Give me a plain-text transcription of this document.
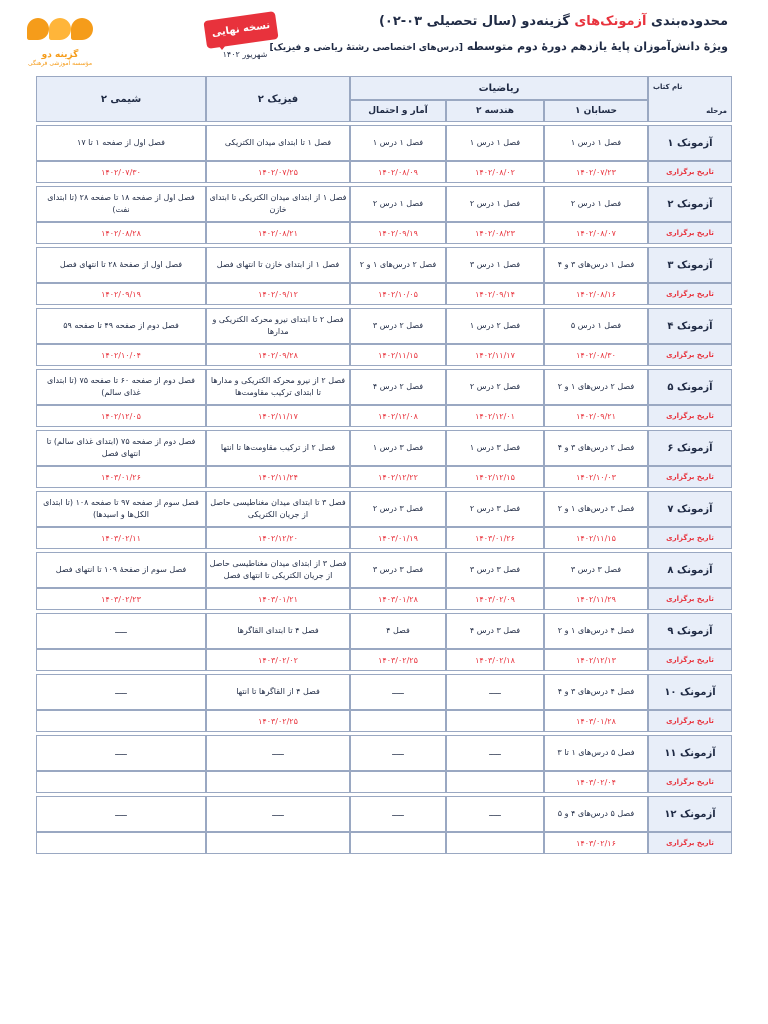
گزینه دو
مؤسسه آموزشی فرهنگی
نسخه نهایی
شهریور ۱۴۰۲
محدوده‌بندی آزمونک‌های گزینه‌دو (سال تحصیلی ۰۳-۰۲)
ویژهٔ دانش‌آموزان پایهٔ یازدهم دورهٔ دوم متوسطه [درس‌های اختصاصی رشتهٔ ریاضی و فیزیک]
نام کتاب
مرحله	ریاضیات			فیزیک ۲	شیمی ۲
	حسابان ۱	هندسه ۲	آمار و احتمال		

آزمونک ۱	فصل ۱ درس ۱	فصل ۱ درس ۱	فصل ۱ درس ۱	فصل ۱ تا ابتدای میدان الکتریکی	فصل اول از صفحه ۱ تا ۱۷
تاریخ برگزاری	۱۴۰۲/۰۷/۲۳	۱۴۰۲/۰۸/۰۲	۱۴۰۲/۰۸/۰۹	۱۴۰۲/۰۷/۲۵	۱۴۰۲/۰۷/۳۰

آزمونک ۲	فصل ۱ درس ۲	فصل ۱ درس ۲	فصل ۱ درس ۲	فصل ۱ از ابتدای میدان الکتریکی تا ابتدای خازن	فصل اول از صفحه ۱۸ تا صفحه ۲۸ (تا ابتدای نفت)
تاریخ برگزاری	۱۴۰۲/۰۸/۰۷	۱۴۰۲/۰۸/۲۳	۱۴۰۲/۰۹/۱۹	۱۴۰۲/۰۸/۲۱	۱۴۰۲/۰۸/۲۸

آزمونک ۳	فصل ۱ درس‌های ۳ و ۴	فصل ۱ درس ۳	فصل ۲ درس‌های ۱ و ۲	فصل ۱ از ابتدای خازن تا انتهای فصل	فصل اول از صفحهٔ ۲۸ تا انتهای فصل
تاریخ برگزاری	۱۴۰۲/۰۸/۱۶	۱۴۰۲/۰۹/۱۴	۱۴۰۲/۱۰/۰۵	۱۴۰۲/۰۹/۱۲	۱۴۰۲/۰۹/۱۹

آزمونک ۴	فصل ۱ درس ۵	فصل ۲ درس ۱	فصل ۲ درس ۳	فصل ۲ تا ابتدای نیرو محرکه الکتریکی و مدارها	فصل دوم از صفحه ۴۹ تا صفحه ۵۹
تاریخ برگزاری	۱۴۰۲/۰۸/۳۰	۱۴۰۲/۱۱/۱۷	۱۴۰۲/۱۱/۱۵	۱۴۰۲/۰۹/۲۸	۱۴۰۲/۱۰/۰۴

آزمونک ۵	فصل ۲ درس‌های ۱ و ۲	فصل ۲ درس ۲	فصل ۲ درس ۴	فصل ۲ از نیرو محرکه الکتریکی و مدارها تا ابتدای ترکیب مقاومت‌ها	فصل دوم از صفحه ۶۰ تا صفحه ۷۵ (تا ابتدای غذای سالم)
تاریخ برگزاری	۱۴۰۲/۰۹/۲۱	۱۴۰۲/۱۲/۰۱	۱۴۰۲/۱۲/۰۸	۱۴۰۲/۱۱/۱۷	۱۴۰۲/۱۲/۰۵

آزمونک ۶	فصل ۲ درس‌های ۳ و ۴	فصل ۳ درس ۱	فصل ۳ درس ۱	فصل ۲ از ترکیب مقاومت‌ها تا انتها	فصل دوم از صفحه ۷۵ (ابتدای غذای سالم) تا انتهای فصل
تاریخ برگزاری	۱۴۰۲/۱۰/۰۳	۱۴۰۲/۱۲/۱۵	۱۴۰۲/۱۲/۲۲	۱۴۰۲/۱۱/۲۴	۱۴۰۳/۰۱/۲۶

آزمونک ۷	فصل ۳ درس‌های ۱ و ۲	فصل ۳ درس ۲	فصل ۳ درس ۲	فصل ۳ تا ابتدای میدان مغناطیسی حاصل از جریان الکتریکی	فصل سوم از صفحه ۹۷ تا صفحه ۱۰۸ (تا ابتدای الکل‌ها و اسیدها)
تاریخ برگزاری	۱۴۰۲/۱۱/۱۵	۱۴۰۳/۰۱/۲۶	۱۴۰۳/۰۱/۱۹	۱۴۰۲/۱۲/۲۰	۱۴۰۳/۰۲/۱۱

آزمونک ۸	فصل ۳ درس ۳	فصل ۳ درس ۳	فصل ۳ درس ۳	فصل ۳ از ابتدای میدان مغناطیسی حاصل از جریان الکتریکی تا انتهای فصل	فصل سوم از صفحهٔ ۱۰۹ تا انتهای فصل
تاریخ برگزاری	۱۴۰۲/۱۱/۲۹	۱۴۰۳/۰۲/۰۹	۱۴۰۳/۰۱/۲۸	۱۴۰۳/۰۱/۲۱	۱۴۰۳/۰۲/۲۳

آزمونک ۹	فصل ۴ درس‌های ۱ و ۲	فصل ۳ درس ۴	فصل ۴	فصل ۴ تا ابتدای القاگرها	ـــــ
تاریخ برگزاری	۱۴۰۲/۱۲/۱۳	۱۴۰۳/۰۲/۱۸	۱۴۰۳/۰۲/۲۵	۱۴۰۳/۰۲/۰۲	

آزمونک ۱۰	فصل ۴ درس‌های ۳ و ۴	ـــــ	ـــــ	فصل ۴ از القاگرها تا انتها	ـــــ
تاریخ برگزاری	۱۴۰۳/۰۱/۲۸			۱۴۰۳/۰۲/۲۵	

آزمونک ۱۱	فصل ۵ درس‌های ۱ تا ۳	ـــــ	ـــــ	ـــــ	ـــــ
تاریخ برگزاری	۱۴۰۳/۰۲/۰۴				

آزمونک ۱۲	فصل ۵ درس‌های ۴ و ۵	ـــــ	ـــــ	ـــــ	ـــــ
تاریخ برگزاری	۱۴۰۳/۰۲/۱۶				
